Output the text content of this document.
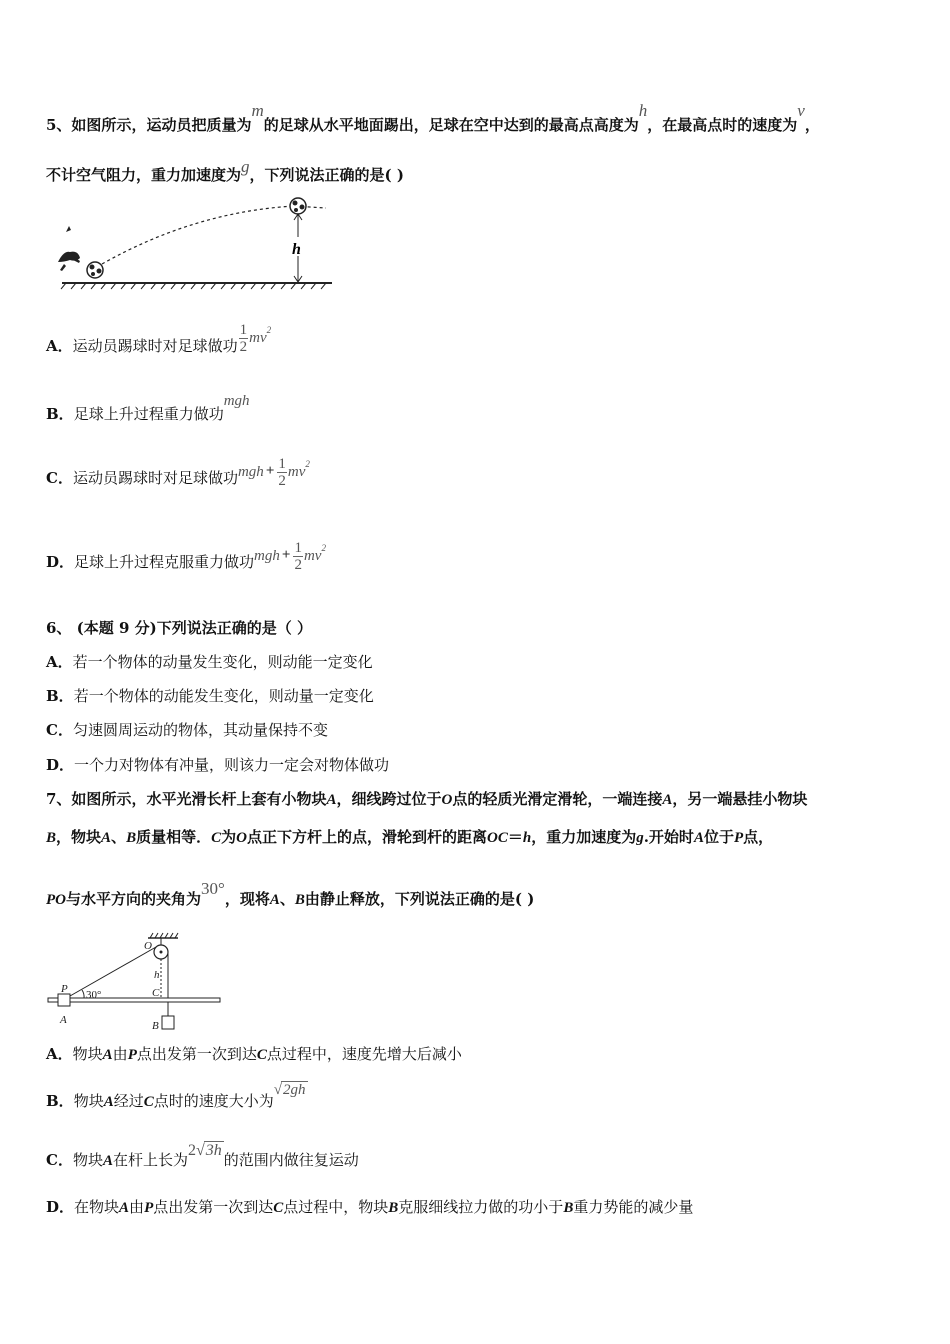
5、如图所示，运动员把质量为m的足球从水平地面踢出，足球在空中达到的最高点高度为h，在最高点时的速度为v，
不计空气阻力，重力加速度为g，下列说法正确的是( )
h
A． 运动员踢球时对足球做功 $\frac{1}{2} mv^2$
B．足球上升过程重力做功mgh
C． 运动员踢球时对足球做功 mgh + $\frac{1}{2} mv^2$
D． 足球上升过程克服重力做功 mgh + $\frac{1}{2} mv^2$
6、 (本题 9 分)下列说法正确的是（ ）
A．若一个物体的动量发生变化，则动能一定变化
B．若一个物体的动能发生变化，则动量一定变化
C．匀速圆周运动的物体，其动量保持不变
D．一个力对物体有冲量，则该力一定会对物体做功
7、如图所示，水平光滑长杆上套有小物块A，细线跨过位于O点的轻质光滑定滑轮，一端连接A，另一端悬挂小物块
B，物块A、B质量相等．C为O点正下方杆上的点，滑轮到杆的距离OC＝h，重力加速度为g.开始时A位于P点，
PO与水平方向的夹角为30°，现将A、B由静止释放，下列说法正确的是( )
O
P
h
C
A	B
30°
A．物块A由P点出发第一次到达C点过程中，速度先增大后减小
B．物块A经过C点时的速度大小为√2gh
C．物块A在杆上长为2√3h的范围内做往复运动
D．在物块A由P点出发第一次到达C点过程中，物块B克服细线拉力做的功小于B重力势能的减少量
